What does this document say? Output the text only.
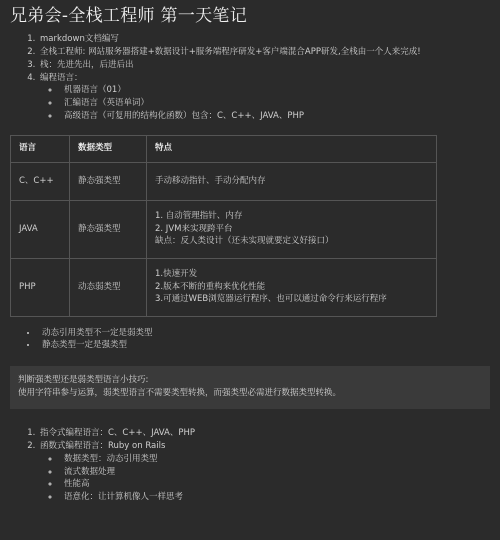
兄弟会-全栈工程师 第一天笔记
1. markdown文档编写
2. 全栈工程师: 网站服务器搭建+数据设计+服务端程序研发+客户端混合APP研发,全栈由一个人来完成!
3. 栈：先进先出，后进后出
4. 编程语言：
◦ 机器语言（01）
◦ 汇编语言（英语单词）
◦ 高级语言（可复用的结构化函数）包含：C、C++、JAVA、PHP
语言	数据类型	特点
C、C++	静态强类型	手动移动指针、手动分配内存

JAVA	静态强类型	1. 自动管理指针、内存
2. JVM来实现跨平台
缺点：反人类设计（还未实现就要定义好接口）

PHP	动态弱类型	1.快速开发
2.版本不断的重构来优化性能
3.可通过WEB浏览器运行程序、也可以通过命令行来运行程序
• 动态引用类型不一定是弱类型
• 静态类型一定是强类型
判断强类型还是弱类型语言小技巧:
使用字符串参与运算，弱类型语言不需要类型转换，而强类型必需进行数据类型转换。
1. 指令式编程语言：C、C++、JAVA、PHP
2. 函数式编程语言：Ruby on Rails
◦ 数据类型：动态引用类型
◦ 流式数据处理
◦ 性能高
◦ 语意化：让计算机像人一样思考
